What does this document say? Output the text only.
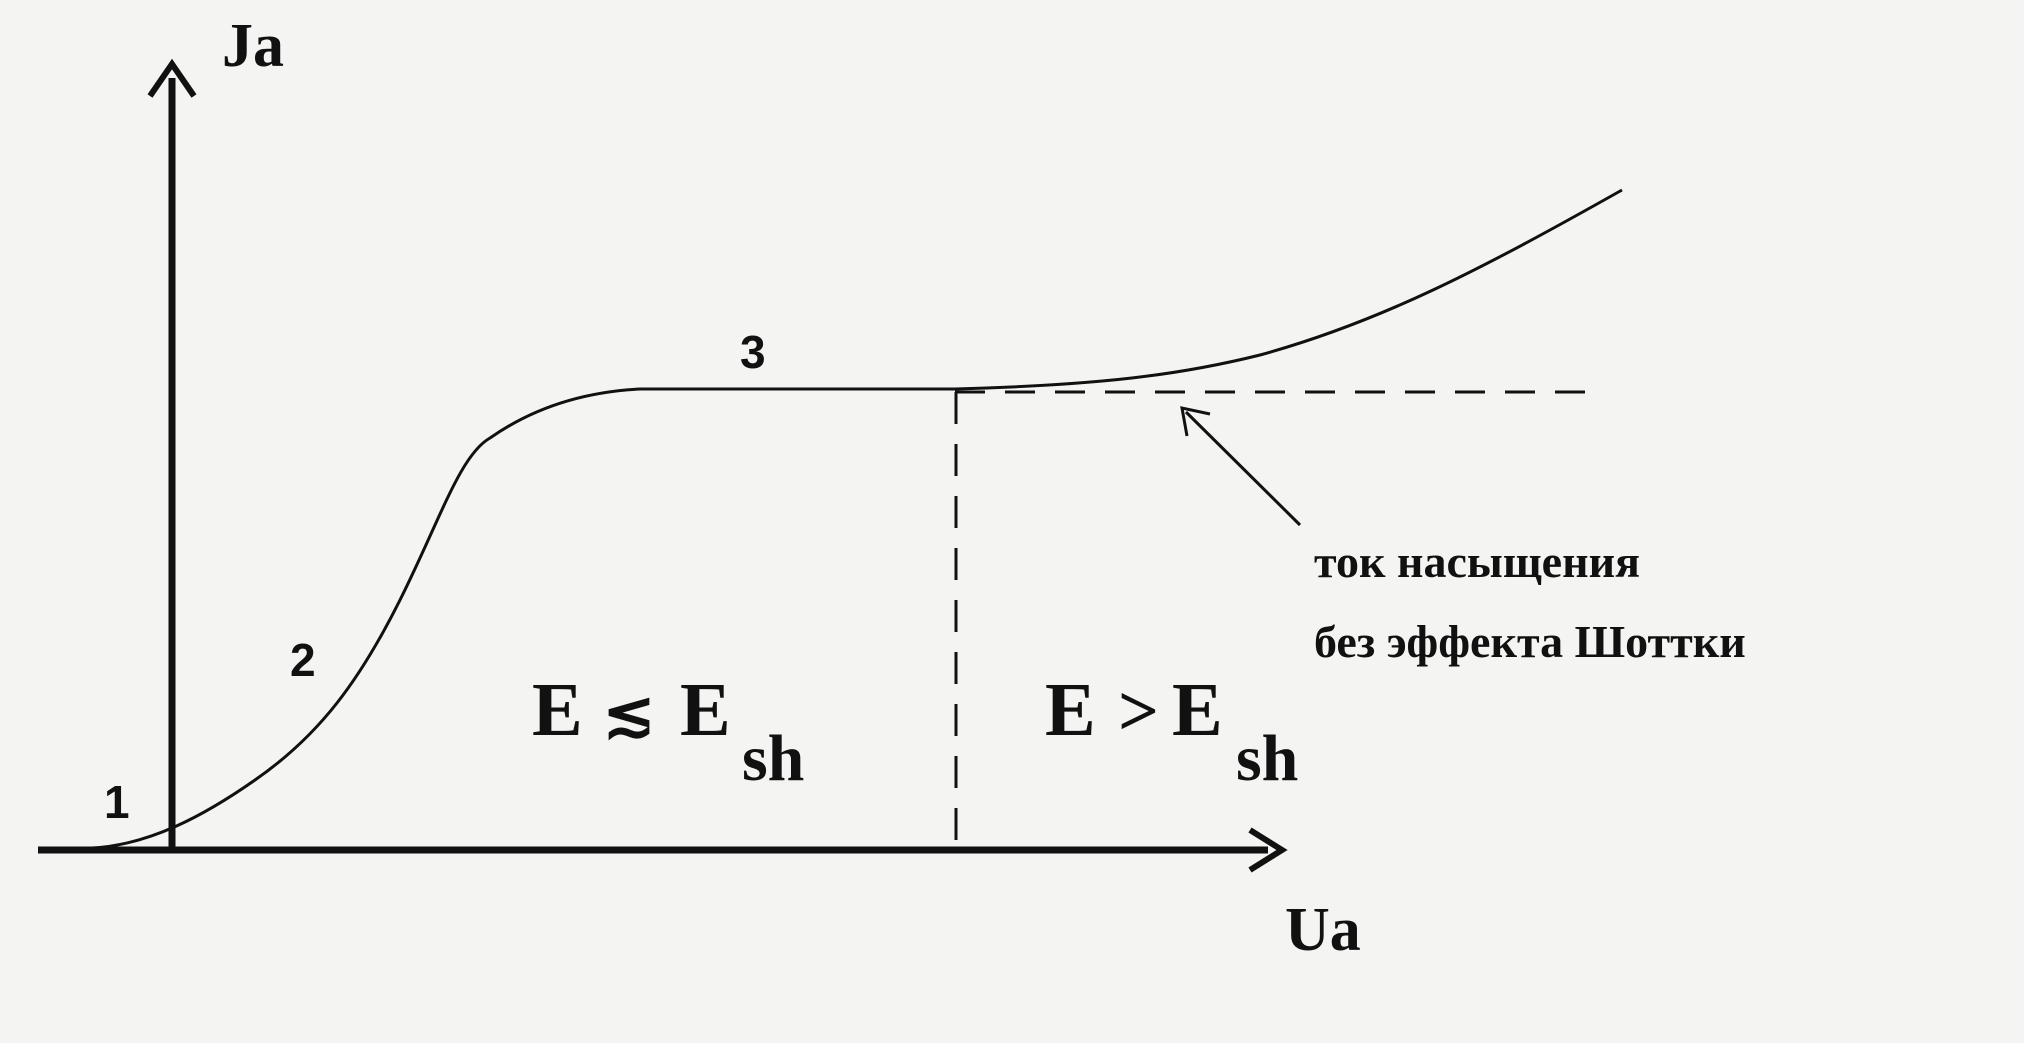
Ja
Ua
1
2
3
E ≲ E
sh
E > E
sh
ток насыщения
без эффекта Шоттки
